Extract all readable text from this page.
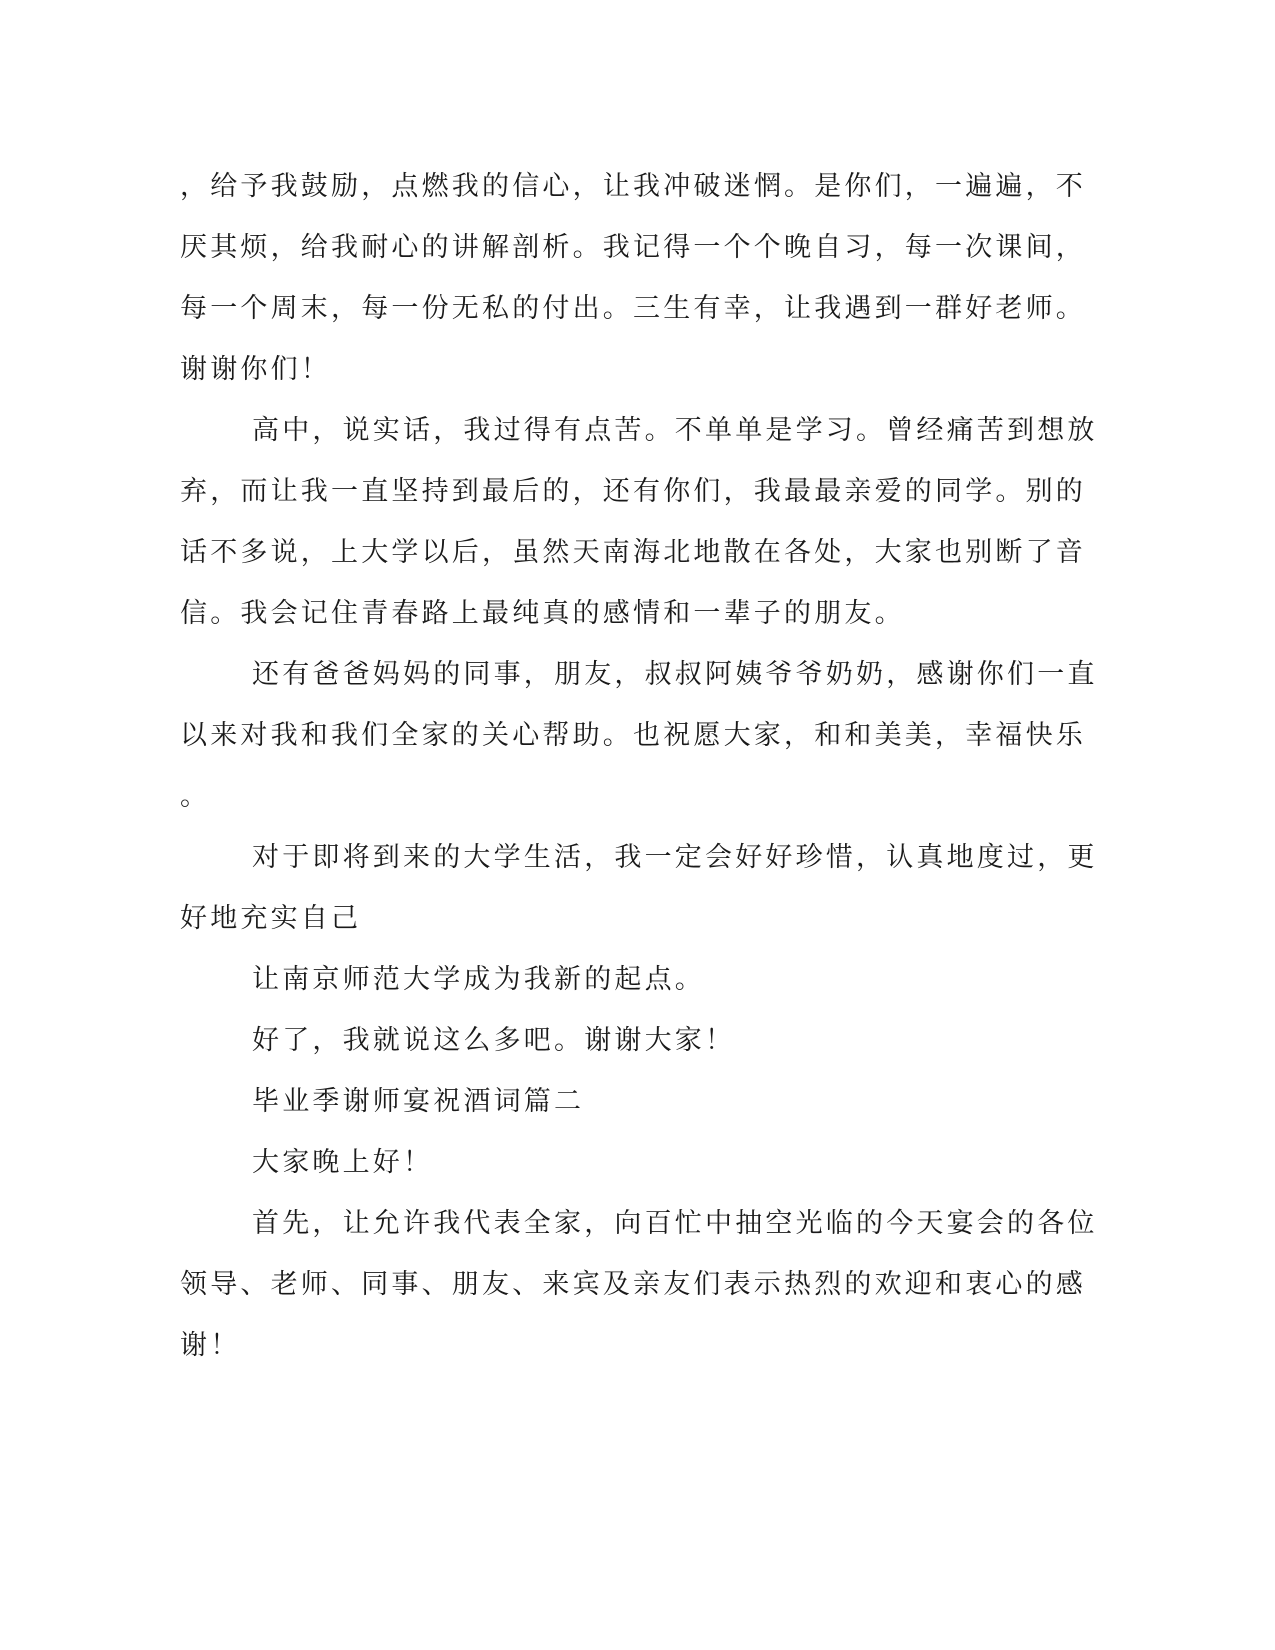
，给予我鼓励，点燃我的信心，让我冲破迷惘。是你们，一遍遍，不
厌其烦，给我耐心的讲解剖析。我记得一个个晚自习，每一次课间，
每一个周末，每一份无私的付出。三生有幸，让我遇到一群好老师。
谢谢你们！
高中，说实话，我过得有点苦。不单单是学习。曾经痛苦到想放
弃，而让我一直坚持到最后的，还有你们，我最最亲爱的同学。别的
话不多说，上大学以后，虽然天南海北地散在各处，大家也别断了音
信。我会记住青春路上最纯真的感情和一辈子的朋友。
还有爸爸妈妈的同事，朋友，叔叔阿姨爷爷奶奶，感谢你们一直
以来对我和我们全家的关心帮助。也祝愿大家，和和美美，幸福快乐
。
对于即将到来的大学生活，我一定会好好珍惜，认真地度过，更
好地充实自己
让南京师范大学成为我新的起点。
好了，我就说这么多吧。谢谢大家！
毕业季谢师宴祝酒词篇二
大家晚上好！
首先，让允许我代表全家，向百忙中抽空光临的今天宴会的各位
领导、老师、同事、朋友、来宾及亲友们表示热烈的欢迎和衷心的感
谢！
